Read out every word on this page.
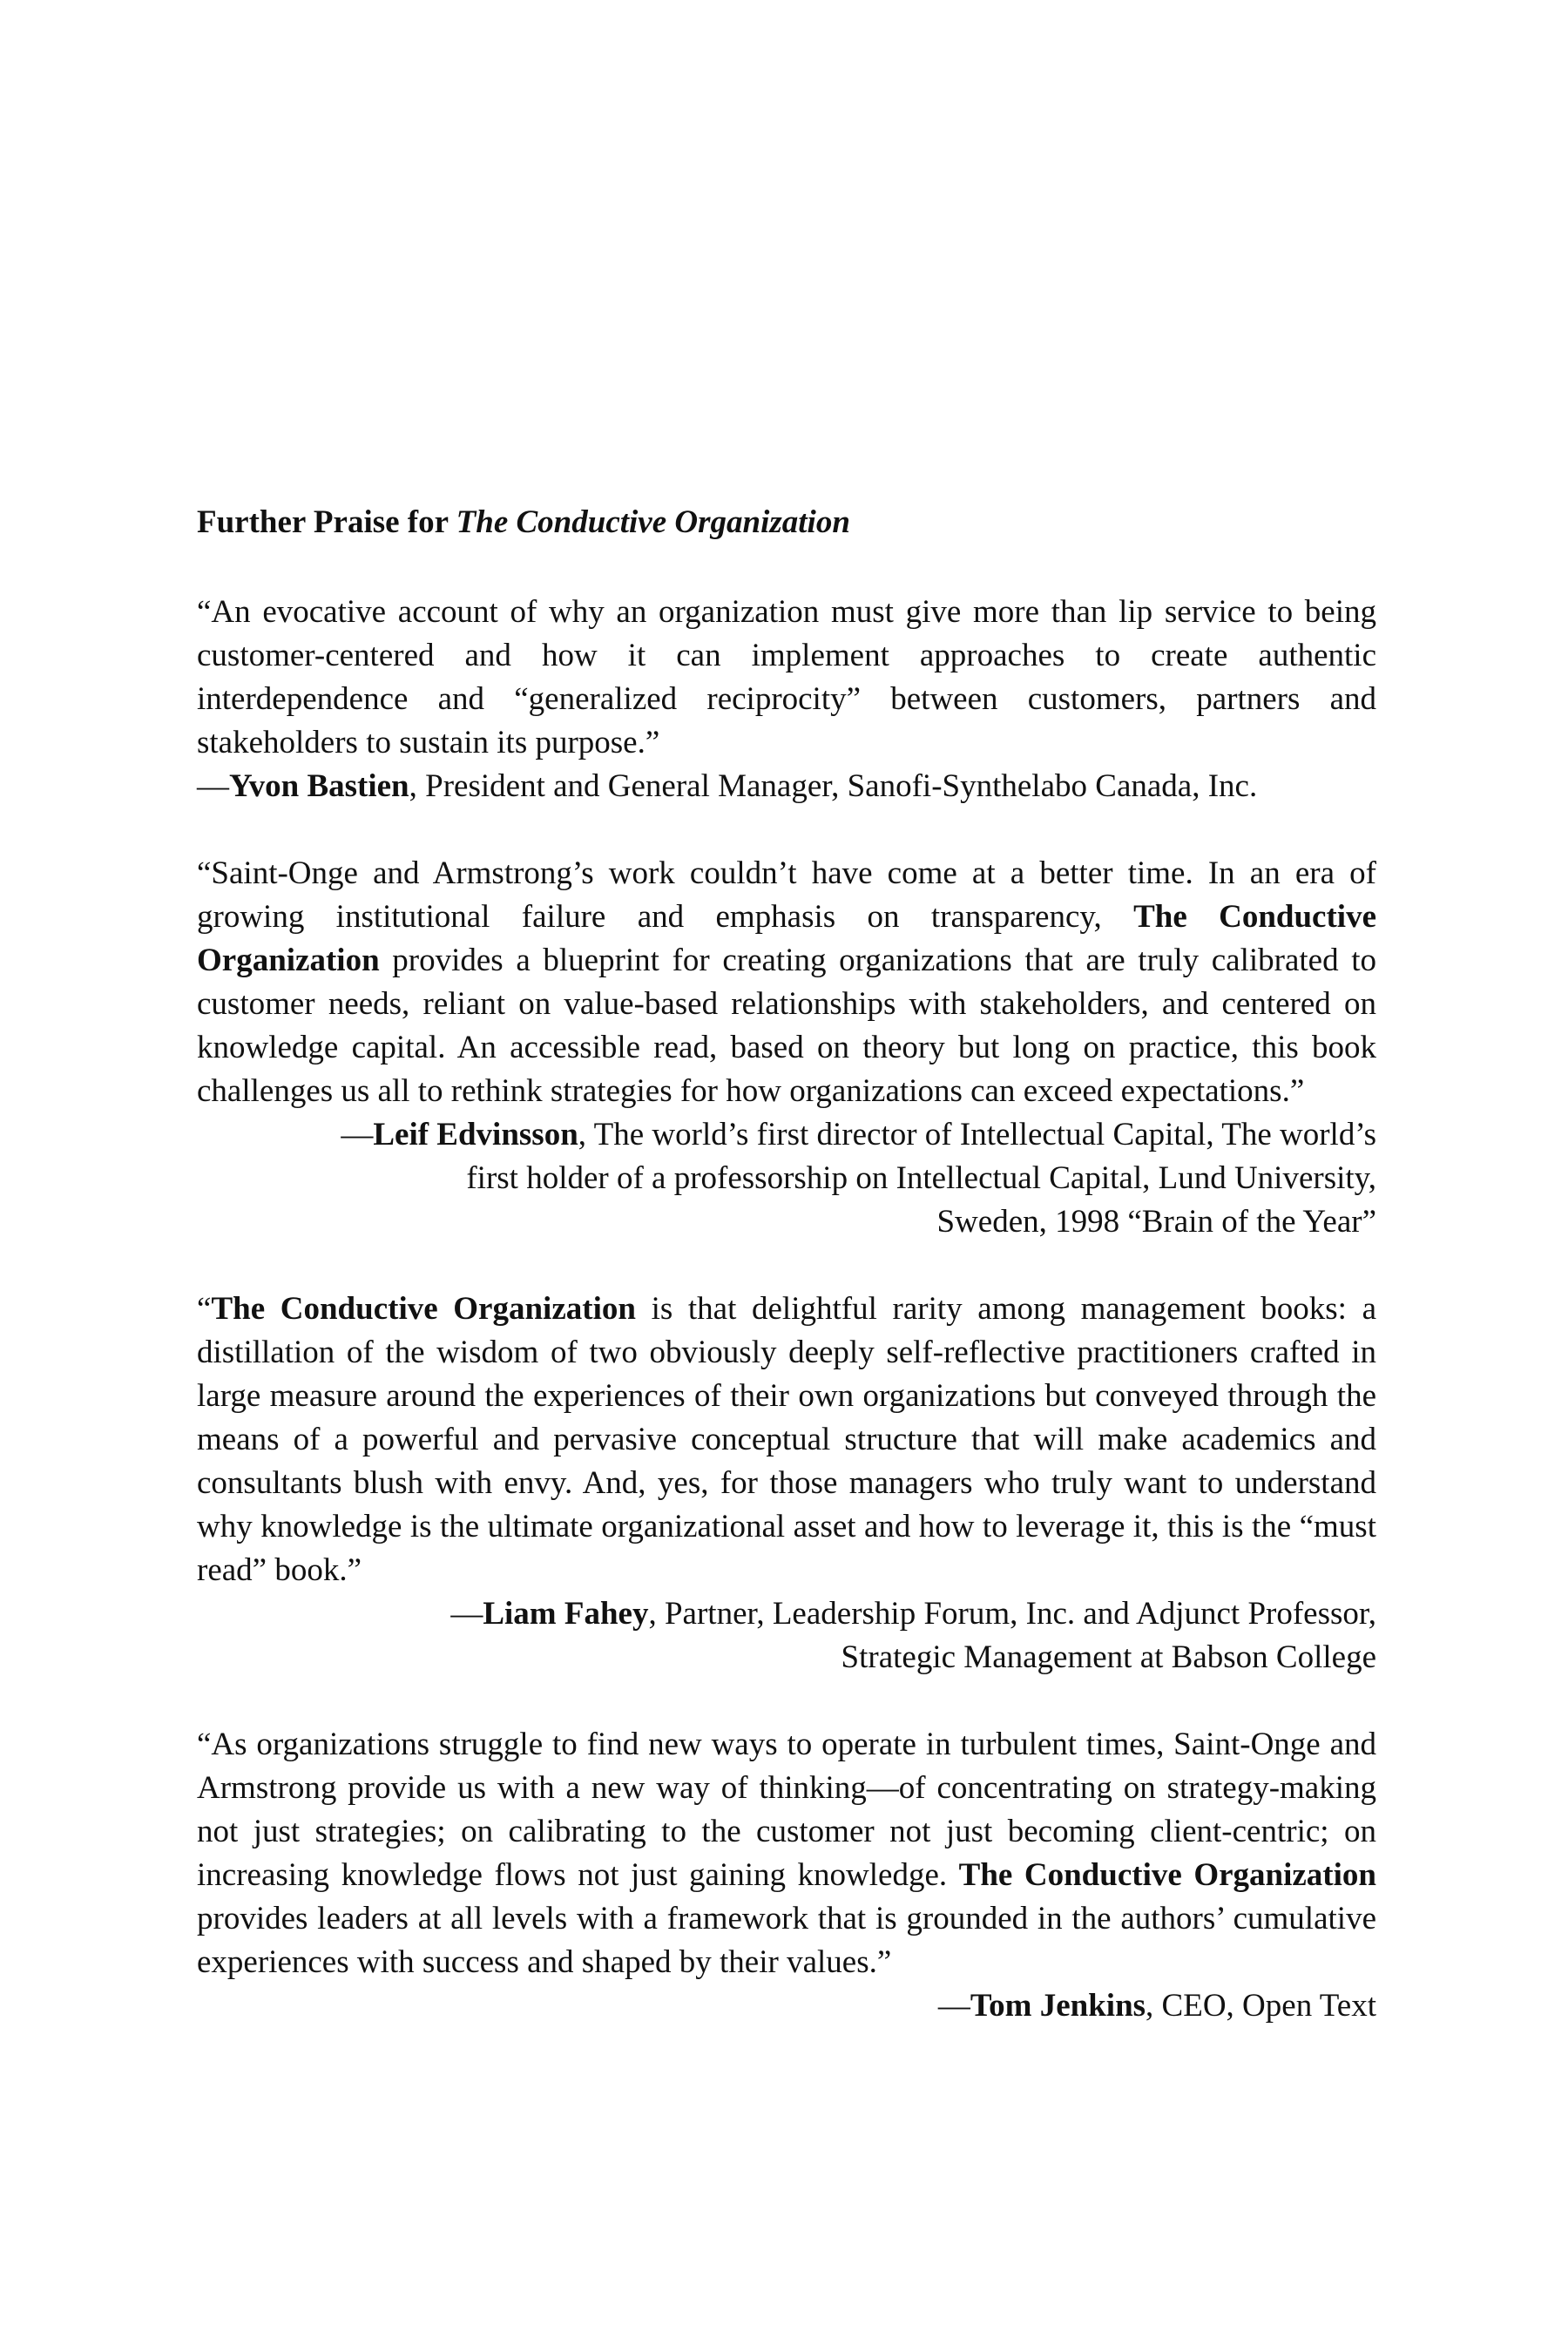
Further Praise for The Conductive Organization

“An evocative account of why an organization must give more than lip service to being customer-centered and how it can implement approaches to create authentic interdependence and “generalized reciprocity” between customers, partners and stakeholders to sustain its purpose.”

—Yvon Bastien, President and General Manager, Sanofi-Synthelabo Canada, Inc.

“Saint-Onge and Armstrong’s work couldn’t have come at a better time. In an era of growing institutional failure and emphasis on transparency, The Conductive Organization provides a blueprint for creating organizations that are truly calibrated to customer needs, reliant on value-based relationships with stakeholders, and centered on knowledge capital. An accessible read, based on theory but long on practice, this book challenges us all to rethink strategies for how organizations can exceed expectations.”

—Leif Edvinsson, The world’s first director of Intellectual Capital, The world’s
first holder of a professorship on Intellectual Capital, Lund University,
Sweden, 1998 “Brain of the Year”

“The Conductive Organization is that delightful rarity among management books: a distillation of the wisdom of two obviously deeply self-reflective practitioners crafted in large measure around the experiences of their own organizations but conveyed through the means of a powerful and pervasive conceptual structure that will make academics and consultants blush with envy. And, yes, for those managers who truly want to understand why knowledge is the ultimate organizational asset and how to leverage it, this is the “must read” book.”

—Liam Fahey, Partner, Leadership Forum, Inc. and Adjunct Professor,
Strategic Management at Babson College

“As organizations struggle to find new ways to operate in turbulent times, Saint-Onge and Armstrong provide us with a new way of thinking—of concentrating on strategy-making not just strategies; on calibrating to the customer not just becoming client-centric; on increasing knowledge flows not just gaining knowledge. The Conductive Organization provides leaders at all levels with a framework that is grounded in the authors’ cumulative experiences with success and shaped by their values.”

—Tom Jenkins, CEO, Open Text
